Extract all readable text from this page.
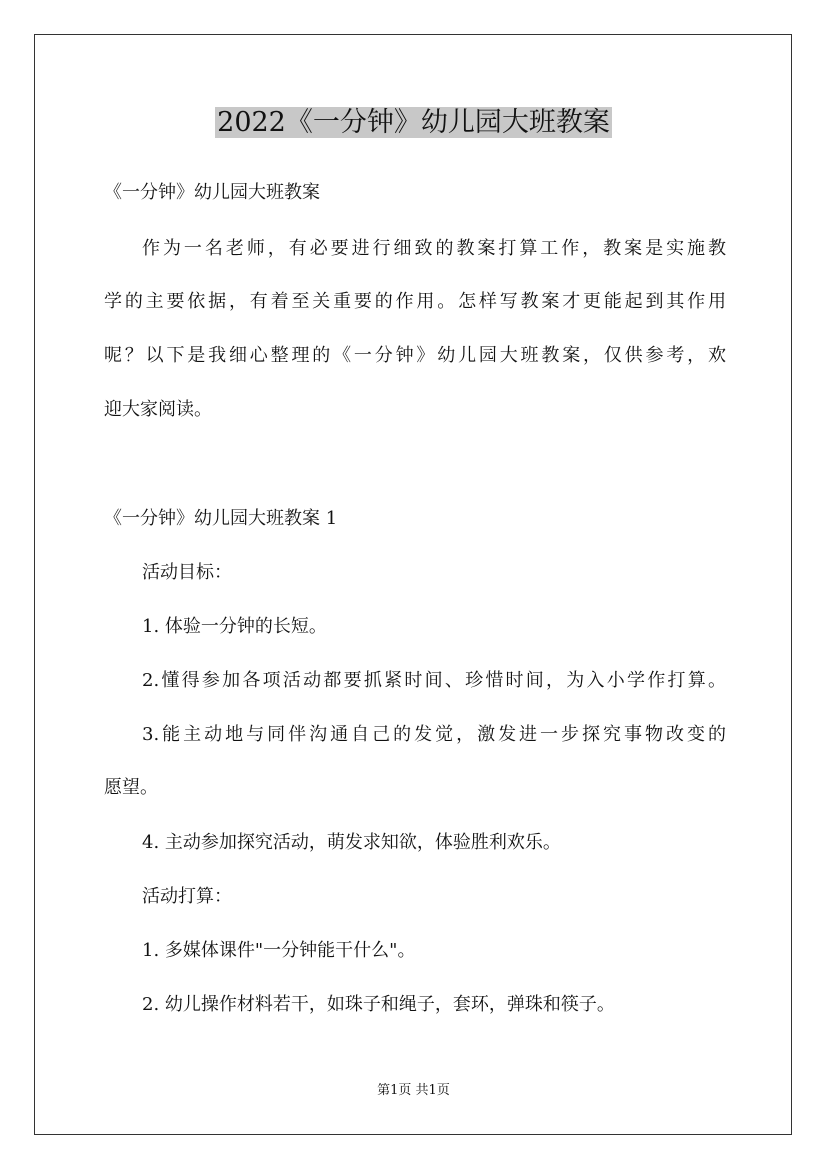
2022《一分钟》幼儿园大班教案

《一分钟》幼儿园大班教案

作为一名老师，有必要进行细致的教案打算工作，教案是实施教

学的主要依据，有着至关重要的作用。怎样写教案才更能起到其作用

呢？以下是我细心整理的《一分钟》幼儿园大班教案，仅供参考，欢

迎大家阅读。

《一分钟》幼儿园大班教案 1

活动目标：

1. 体验一分钟的长短。

2.懂得参加各项活动都要抓紧时间、珍惜时间，为入小学作打算。

3.能主动地与同伴沟通自己的发觉，激发进一步探究事物改变的

愿望。

4. 主动参加探究活动，萌发求知欲，体验胜利欢乐。

活动打算：

1. 多媒体课件"一分钟能干什么"。

2. 幼儿操作材料若干，如珠子和绳子，套环，弹珠和筷子。

第1页 共1页
